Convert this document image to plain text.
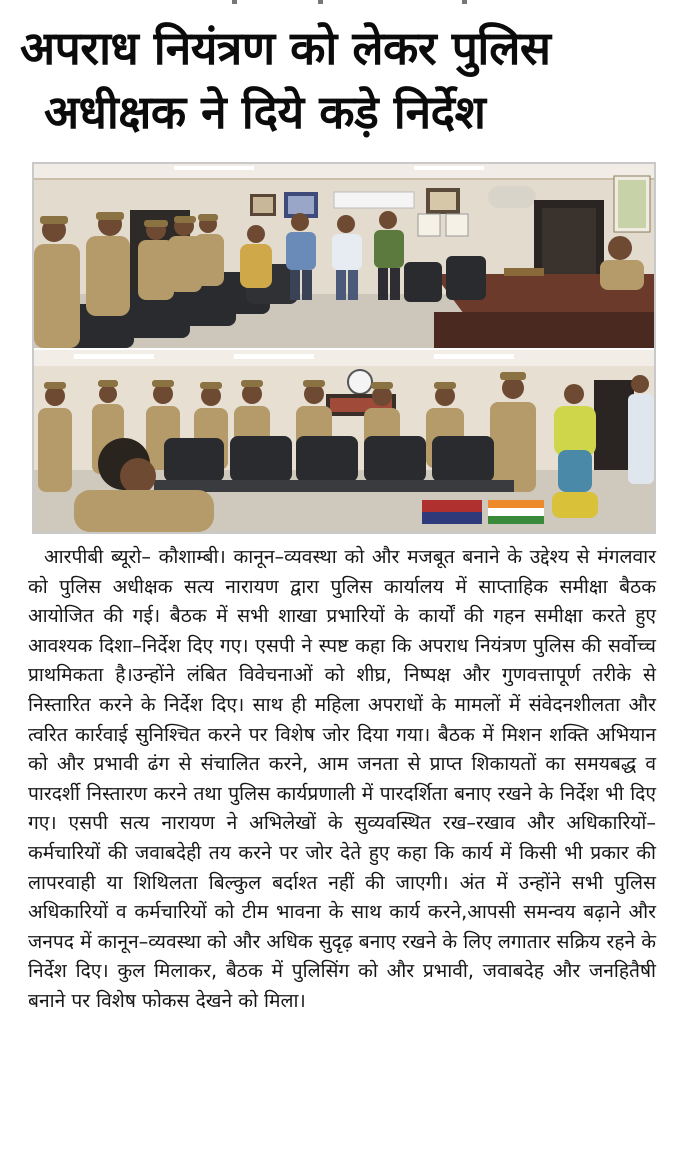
अपराध नियंत्रण को लेकर पुलिस
अधीक्षक ने दिये कड़े निर्देश

आरपीबी ब्यूरो– कौशाम्बी। कानून–व्यवस्था को और मजबूत बनाने के उद्देश्य से मंगलवार को पुलिस अधीक्षक सत्य नारायण द्वारा पुलिस कार्यालय में साप्ताहिक समीक्षा बैठक आयोजित की गई। बैठक में सभी शाखा प्रभारियों के कार्यों की गहन समीक्षा करते हुए आवश्यक दिशा–निर्देश दिए गए। एसपी ने स्पष्ट कहा कि अपराध नियंत्रण पुलिस की सर्वोच्च प्राथमिकता है।उन्होंने लंबित विवेचनाओं को शीघ्र, निष्पक्ष और गुणवत्तापूर्ण तरीके से निस्तारित करने के निर्देश दिए। साथ ही महिला अपराधों के मामलों में संवेदनशीलता और त्वरित कार्रवाई सुनिश्चित करने पर विशेष जोर दिया गया। बैठक में मिशन शक्ति अभियान को और प्रभावी ढंग से संचालित करने, आम जनता से प्राप्त शिकायतों का समयबद्ध व पारदर्शी निस्तारण करने तथा पुलिस कार्यप्रणाली में पारदर्शिता बनाए रखने के निर्देश भी दिए गए। एसपी सत्य नारायण ने अभिलेखों के सुव्यवस्थित रख–रखाव और अधिकारियों–कर्मचारियों की जवाबदेही तय करने पर जोर देते हुए कहा कि कार्य में किसी भी प्रकार की लापरवाही या शिथिलता बिल्कुल बर्दाश्त नहीं की जाएगी। अंत में उन्होंने सभी पुलिस अधिकारियों व कर्मचारियों को टीम भावना के साथ कार्य करने,आपसी समन्वय बढ़ाने और जनपद में कानून–व्यवस्था को और अधिक सुदृढ़ बनाए रखने के लिए लगातार सक्रिय रहने के निर्देश दिए। कुल मिलाकर, बैठक में पुलिसिंग को और प्रभावी, जवाबदेह और जनहितैषी बनाने पर विशेष फोकस देखने को मिला।
